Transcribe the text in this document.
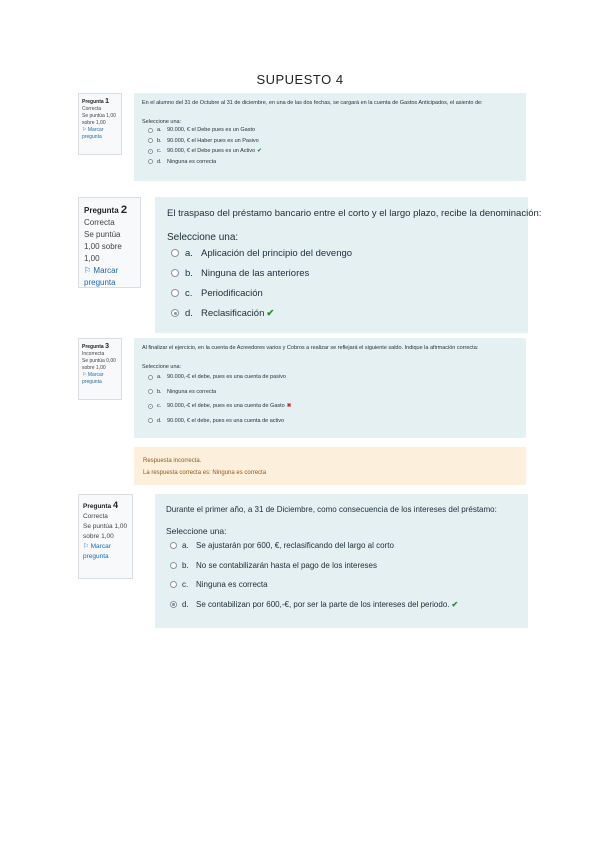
SUPUESTO 4
Pregunta 1
Correcta
Se puntúa 1,00 sobre 1,00
⚐ Marcar pregunta
En el alumno del 31 de Octubre al 31 de diciembre, en una de las dos fechas, se cargará en la cuenta de Gastos Anticipados, el asiento de:
Seleccione una:
a. 90.000, € el Debe pues es un Gasto
b. 90.000, € el Haber pues es un Pasivo
c.	90.000, € el Debe pues es un Activo ✔
d. Ninguna es correcta
Pregunta 2
Correcta
Se puntúa 1,00 sobre 1,00
⚐ Marcar pregunta
El traspaso del préstamo bancario entre el corto y el largo plazo, recibe la denominación:
Seleccione una:
a. Aplicación del principio del devengo
b. Ninguna de las anteriores
c. Periodificación
d. Reclasificación ✔
Pregunta 3
Incorrecta
Se puntúa 0,00 sobre 1,00
⚐ Marcar pregunta
Al finalizar el ejercicio, en la cuenta de Acreedores varios y Cobros a realizar se reflejará el siguiente saldo. Indique la afirmación correcta:
Seleccione una:
a. 90.000,-€ el debe, pues es una cuenta de pasivo
b. Ninguna es correcta
c.	90.000,-€ el debe, pues es una cuenta de Gasto ✖
d. 90.000, € el debe, pues es una cuenta de activo
Respuesta incorrecta.
La respuesta correcta es: Ninguna es correcta
Pregunta 4
Correcta
Se puntúa 1,00 sobre 1,00
⚐ Marcar pregunta
Durante el primer año, a 31 de Diciembre, como consecuencia de los intereses del préstamo:
Seleccione una:
a. Se ajustarán por 600, €, reclasificando del largo al corto
b. No se contabilizarán hasta el pago de los intereses
c. Ninguna es correcta
d. Se contabilizan por 600,-€, por ser la parte de los intereses del periodo. ✔
